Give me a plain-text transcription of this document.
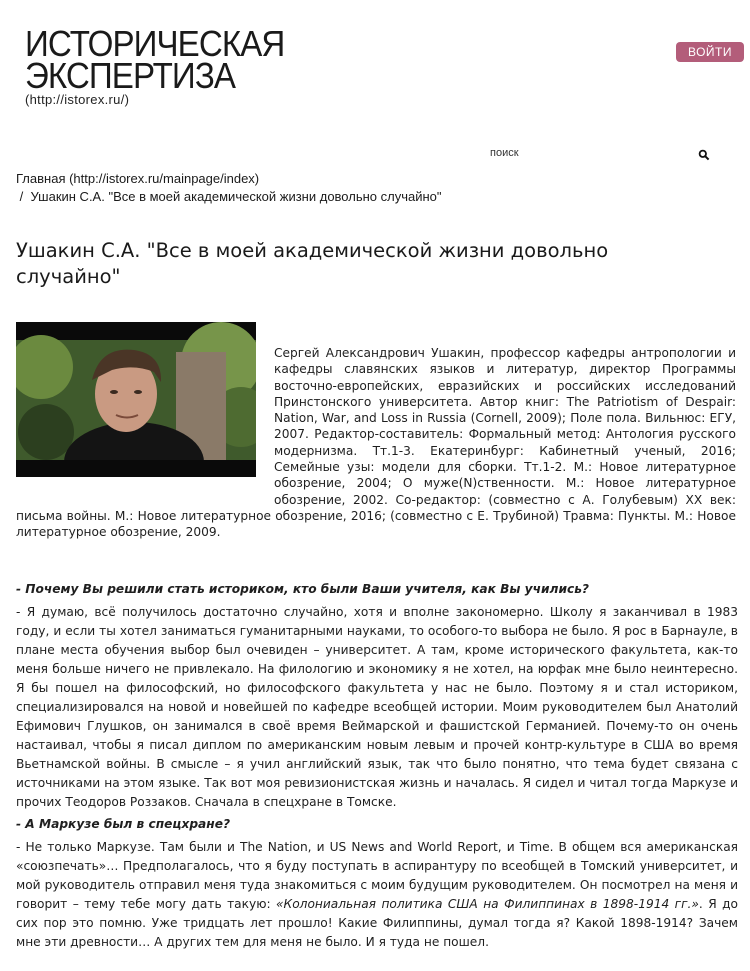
ИСТОРИЧЕСКАЯ
ЭКСПЕРТИЗА
(http://istorex.ru/)
ВОЙТИ
поиск
Главная (http://istorex.ru/mainpage/index)
/ Ушакин С.А. "Все в моей академической жизни довольно случайно"
Ушакин С.А. "Все в моей академической жизни довольно случайно"

Сергей Александрович Ушакин, профессор кафедры антропологии и кафедры славянских языков и литератур, директор Программы восточно-европейских, евразийских и российских исследований Принстонского университета. Автор книг: The Patriotism of Despair: Nation, War, and Loss in Russia (Cornell, 2009); Поле пола. Вильнюс: ЕГУ, 2007. Редактор-составитель: Формальный метод: Антология русского модернизма. Тт.1-3. Екатеринбург: Кабинетный ученый, 2016; Семейные узы: модели для сборки. Тт.1-2. М.: Новое литературное обозрение, 2004; О муже(N)ственности. М.: Новое литературное обозрение, 2002. Со-редактор: (совместно с А. Голубевым) XX век: письма войны. М.: Новое литературное обозрение, 2016; (совместно с Е. Трубиной) Травма: Пункты. М.: Новое литературное обозрение, 2009.

- Почему Вы решили стать историком, кто были Ваши учителя, как Вы учились?

- Я думаю, всё получилось достаточно случайно, хотя и вполне закономерно. Школу я заканчивал в 1983 году, и если ты хотел заниматься гуманитарными науками, то особого-то выбора не было. Я рос в Барнауле, в плане места обучения выбор был очевиден – университет. А там, кроме исторического факультета, как-то меня больше ничего не привлекало. На филологию и экономику я не хотел, на юрфак мне было неинтересно. Я бы пошел на философский, но философского факультета у нас не было. Поэтому я и стал историком, специализировался на новой и новейшей по кафедре всеобщей истории. Моим руководителем был Анатолий Ефимович Глушков, он занимался в своё время Веймарской и фашистской Германией. Почему-то он очень настаивал, чтобы я писал диплом по американским новым левым и прочей контр-культуре в США во время Вьетнамской войны. В смысле – я учил английский язык, так что было понятно, что тема будет связана с источниками на этом языке. Так вот моя ревизионистская жизнь и началась. Я сидел и читал тогда Маркузе и прочих Теодоров Роззаков. Сначала в спецхране в Томске.

- А Маркузе был в спецхране?

- Не только Маркузе. Там были и The Nation, и US News and World Report, и Time. В общем вся американская «союзпечать»… Предполагалось, что я буду поступать в аспирантуру по всеобщей в Томский университет, и мой руководитель отправил меня туда знакомиться с моим будущим руководителем. Он посмотрел на меня и говорит – тему тебе могу дать такую: «Колониальная политика США на Филиппинах в 1898-1914 гг.». Я до сих пор это помню. Уже тридцать лет прошло! Какие Филиппины, думал тогда я? Какой 1898-1914? Зачем мне эти древности… А других тем для меня не было. И я туда не пошел.
